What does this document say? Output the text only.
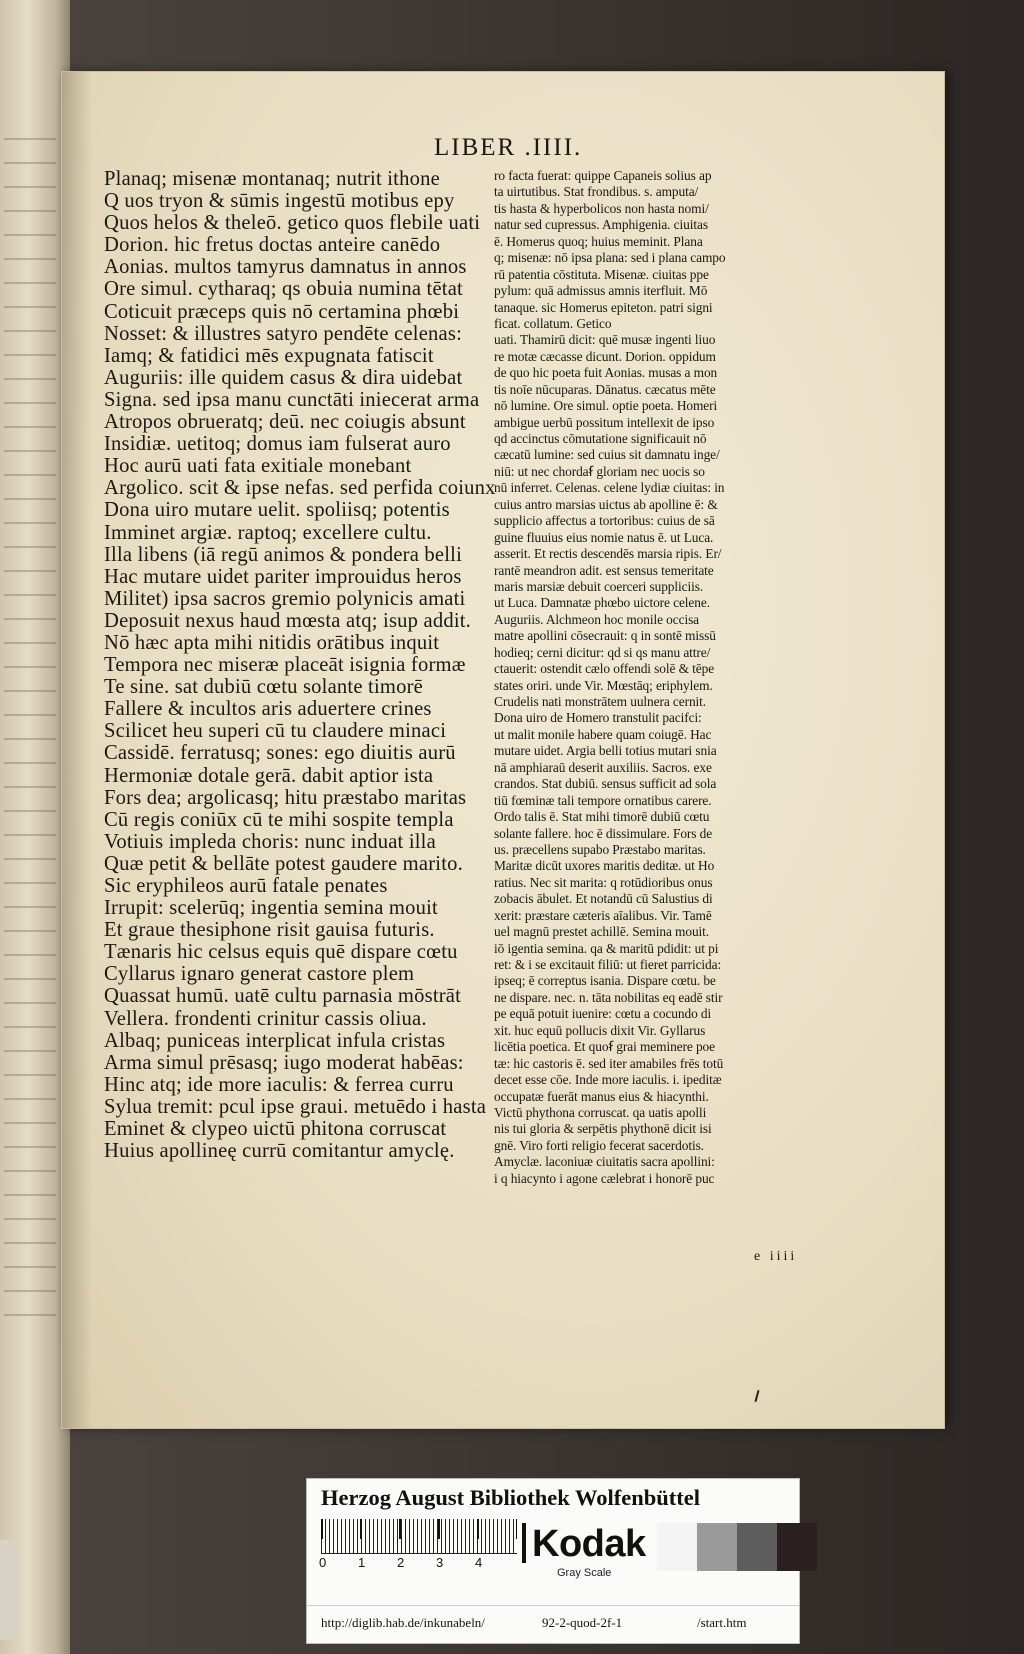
LIBER .IIII.
Planaq; misenæ montanaq; nutrit ithone
Q uos tryon & sūmis ingestū motibus epy
Quos helos & theleō. getico quos flebile uati
Dorion. hic fretus doctas anteire canēdo
Aonias. multos tamyrus damnatus in annos
Ore simul. cytharaq; qs obuia numina tētat
Coticuit præceps quis nō certamina phœbi
Nosset: & illustres satyro pendēte celenas:
Iamq; & fatidici mēs expugnata fatiscit
Auguriis: ille quidem casus & dira uidebat
Signa. sed ipsa manu cunctāti iniecerat arma
Atropos obrueratq; deū. nec coiugis absunt
Insidiæ. uetitoq; domus iam fulserat auro
Hoc aurū uati fata exitiale monebant
Argolico. scit & ipse nefas. sed perfida coiunx
Dona uiro mutare uelit. spoliisq; potentis
Imminet argiæ. raptoq; excellere cultu.
Illa libens (iā regū animos & pondera belli
Hac mutare uidet pariter improuidus heros
Militet) ipsa sacros gremio polynicis amati
Deposuit nexus haud mœsta atq; isup addit.
Nō hæc apta mihi nitidis orātibus inquit
Tempora nec miseræ placeāt isignia formæ
Te sine. sat dubiū cœtu solante timorē
Fallere & incultos aris aduertere crines
Scilicet heu superi cū tu claudere minaci
Cassidē. ferratusq; sones: ego diuitis aurū
Hermoniæ dotale gerā. dabit aptior ista
Fors dea; argolicasq; hitu præstabo maritas
Cū regis coniūx cū te mihi sospite templa
Votiuis impleda choris: nunc induat illa
Quæ petit & bellāte potest gaudere marito.
Sic eryphileos aurū fatale penates
Irrupit: scelerūq; ingentia semina mouit
Et graue thesiphone risit gauisa futuris.
Tænaris hic celsus equis quē dispare cœtu
Cyllarus ignaro generat castore plem
Quassat humū. uatē cultu parnasia mōstrāt
Vellera. frondenti crinitur cassis oliua.
Albaq; puniceas interplicat infula cristas
Arma simul prēsasq; iugo moderat habēas:
Hinc atq; ide more iaculis: & ferrea curru
Sylua tremit: pcul ipse graui. metuēdo i hasta
Eminet & clypeo uictū phitona corruscat
Huius apollineę currū comitantur amyclę.
ro facta fuerat: quippe Capaneis solius ap
ta uirtutibus. Stat frondibus. s. amputa/
tis hasta & hyperbolicos non hasta nomi/
natur sed cupressus. Amphigenia. ciuitas
ē. Homerus quoq; huius meminit. Plana
q; misenæ: nō ipsa plana: sed i plana campo
rū patentia cōstituta. Misenæ. ciuitas ppe
pylum: quā admissus amnis iterfluit. Mō
tanaque. sic Homerus epiteton. patri signi
ficat. collatum. Getico
uati. Thamirū dicit: quē musæ ingenti liuo
re motæ cæcasse dicunt. Dorion. oppidum
de quo hic poeta fuit Aonias. musas a mon
tis noīe nūcuparas. Dānatus. cæcatus mēte
nō lumine. Ore simul. optie poeta. Homeri
ambigue uerbū possitum intellexit de ipso
qd accinctus cōmutatione significauit nō
cæcatū lumine: sed cuius sit damnatu inge/
niū: ut nec chordaẜ gloriam nec uocis so
nū inferret. Celenas. celene lydiæ ciuitas: in
cuius antro marsias uictus ab apolline ē: &
supplicio affectus a tortoribus: cuius de sā
guine fluuius eius nomie natus ē. ut Luca.
asserit. Et rectis descendēs marsia ripis. Er/
rantē meandron adit. est sensus temeritate
maris marsiæ debuit coerceri suppliciis.
ut Luca. Damnatæ phœbo uictore celene.
Auguriis. Alchmeon hoc monile occisa
matre apollini cōsecrauit: q in sontē missū
hodieq; cerni dicitur: qd si qs manu attre/
ctauerit: ostendit cælo offendi solē & tēpe
states oriri. unde Vir. Mœstāq; eriphylem.
Crudelis nati monstrātem uulnera cernit.
Dona uiro de Homero transtulit pacifci:
ut malit monile habere quam coiugē. Hac
mutare uidet. Argia belli totius mutari snia
nā amphiaraū deserit auxiliis. Sacros. exe
crandos. Stat dubiū. sensus sufficit ad sola
tiū fœminæ tali tempore ornatibus carere.
Ordo talis ē. Stat mihi timorē dubiū cœtu
solante fallere. hoc ē dissimulare. Fors de
us. præcellens supabo Præstabo maritas.
Maritæ dicūt uxores maritis deditæ. ut Ho
ratius. Nec sit marita: q rotūdioribus onus
zobacis ābulet. Et notandū cū Salustius di
xerit: præstare cæteris aīalibus. Vir. Tamē
uel magnū prestet achillē. Semina mouit.
iō igentia semina. qa & maritū pdidit: ut pi
ret: & i se excitauit filiū: ut fieret parricida:
ipseq; ē correptus isania. Dispare cœtu. be
ne dispare. nec. n. tāta nobilitas eq eadē stir
pe equā potuit iuenire: cœtu a cocundo di
xit. huc equū pollucis dixit Vir. Gyllarus
licētia poetica. Et quoẜ grai meminere poe
tæ: hic castoris ē. sed iter amabiles frēs totū
decet esse cōe. Inde more iaculis. i. ipeditæ
occupatæ fuerāt manus eius & hiacynthi.
Victū phythona corruscat. qa uatis apolli
nis tui gloria & serpētis phythonē dicit isi
gnē. Viro forti religio fecerat sacerdotis.
Amyclæ. laconiuæ ciuitatis sacra apollini:
i q hiacynto i agone cælebrat i honorē puc
e iiii
Herzog August Bibliothek Wolfenbüttel
0 1 2 3 4 Kodak
Gray Scale
http://diglib.hab.de/inkunabeln/	92-2-quod-2f-1	/start.htm
